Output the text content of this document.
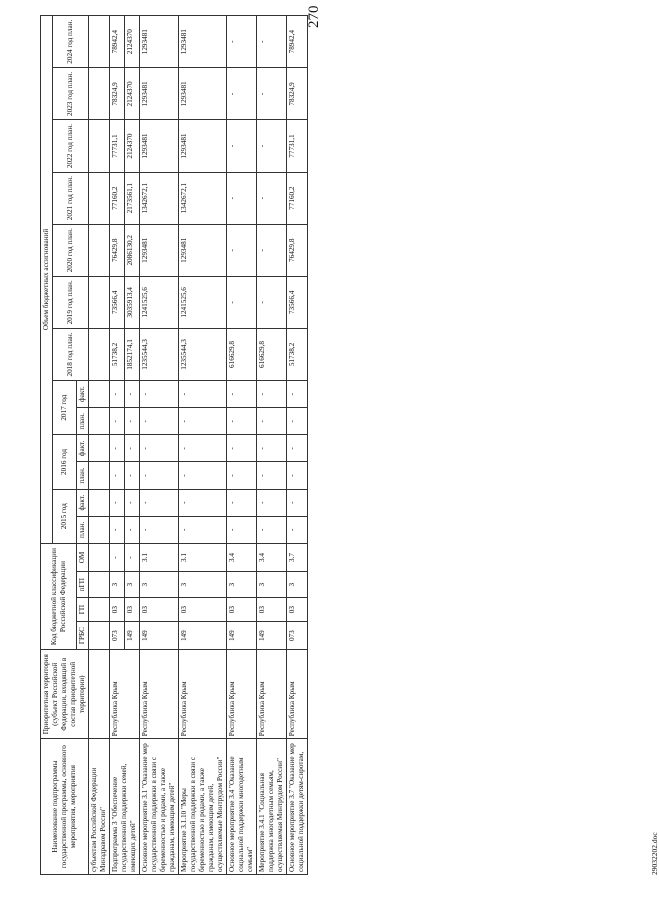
270
Наименование подпрограммы государственной программы, основного мероприятия, мероприятия	Приоритетная территория (субъект Российской Федерации, входящий в состав приоритетной территории)	Код бюджетной классификации Российской Федерации				Объем бюджетных ассигнований												
						2015 год		2016 год		2017 год		2018 год план.	2019 год план.	2020 год план.	2021 год план.	2022 год план.	2023 год план.	2024 год план.
		ГРБС	ГП	пГП	ОМ	план.	факт.	план.	факт.	план.	факт.							
субъектам Российской Федерации Минздравом России"																		
Подпрограмма 3 "Обеспечение государственной поддержки семей, имеющих детей"	Республика Крым	073	03	3	-	-	-	-	-	-	-	51738,2	73566,4	76429,8	77160,2	77731,1	78324,9	78942,4
		149	03	3	-	-	-	-	-	-	-	1852174,1	3035913,4	2086130,2	2173561,1	2124370	2124370	2124370
Основное мероприятие 3.1 "Оказание мер государственной поддержки в связи с беременностью и родами, а также гражданам, имеющим детей"	Республика Крым	149	03	3	3.1	-	-	-	-	-	-	1235544,3	1241525,6	1293481	1342672,1	1293481	1293481	1293481
Мероприятие 3.1.10 "Меры государственной поддержки в связи с беременностью и родами, а также гражданам, имеющим детей, осуществляемые Минтрудом России"	Республика Крым	149	03	3	3.1	-	-	-	-	-	-	1235544,3	1241525,6	1293481	1342672,1	1293481	1293481	1293481
Основное мероприятие 3.4 "Оказание социальной поддержки многодетным семьям"	Республика Крым	149	03	3	3.4	-	-	-	-	-	-	616629,8	-	-	-	-	-	-
Мероприятие 3.4.1 "Социальная поддержка многодетным семьям, осуществляемая Минтрудом России"	Республика Крым	149	03	3	3.4	-	-	-	-	-	-	616629,8	-	-	-	-	-	-
Основное мероприятие 3.7 "Оказание мер социальной поддержки детям-сиротам,	Республика Крым	073	03	3	3.7	-	-	-	-	-	-	51738,2	73566,4	76429,8	77160,2	77731,1	78324,9	78942,4
29032202.doc
